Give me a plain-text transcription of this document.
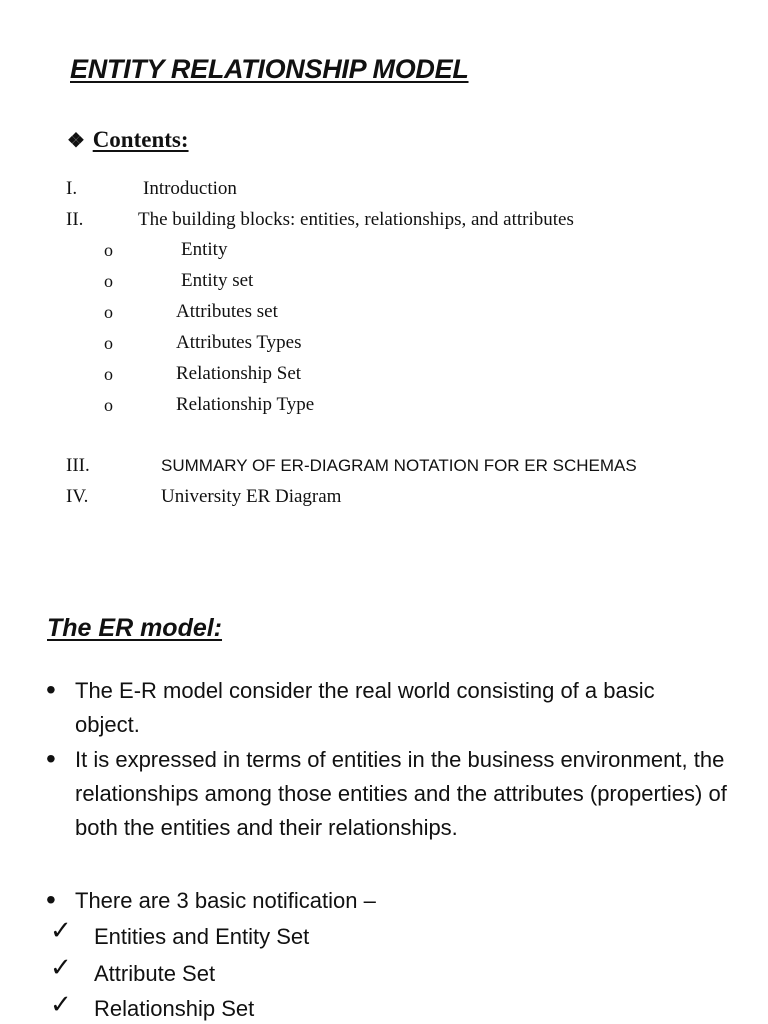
ENTITY RELATIONSHIP MODEL
❖ Contents:
I.	Introduction
II.	The building blocks: entities, relationships, and attributes
o	Entity
o	Entity set
o	Attributes set
o	Attributes Types
o	Relationship Set
o	Relationship Type
III.	SUMMARY OF ER-DIAGRAM NOTATION FOR ER SCHEMAS
IV.	University ER Diagram
The ER model:
• The E-R model consider the real world consisting of a basic object.
• It is expressed in terms of entities in the business environment, the relationships among those entities and the attributes (properties) of both the entities and their relationships.
• There are 3 basic notification –
✓ Entities and Entity Set
✓ Attribute Set
✓ Relationship Set
